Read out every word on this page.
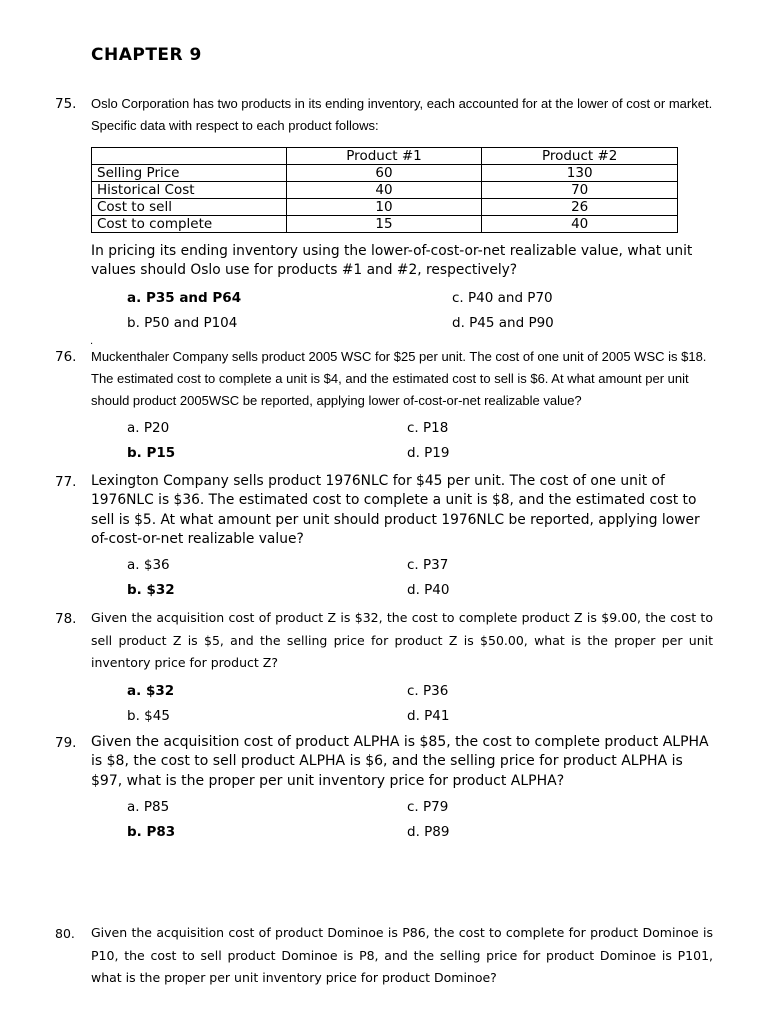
CHAPTER 9
75. Oslo Corporation has two products in its ending inventory, each accounted for at the lower of cost or market. Specific data with respect to each product follows:
	Product #1	Product #2
Selling Price	60	130
Historical Cost	40	70
Cost to sell	10	26
Cost to complete	15	40
In pricing its ending inventory using the lower-of-cost-or-net realizable value, what unit values should Oslo use for products #1 and #2, respectively?
a. P35 and P64	c. P40 and P70
b. P50 and P104	d. P45 and P90
.
76. Muckenthaler Company sells product 2005 WSC for $25 per unit. The cost of one unit of 2005 WSC is $18. The estimated cost to complete a unit is $4, and the estimated cost to sell is $6. At what amount per unit should product 2005WSC be reported, applying lower of-cost-or-net realizable value?
a. P20	c. P18
b. P15	d. P19
77. Lexington Company sells product 1976NLC for $45 per unit. The cost of one unit of 1976NLC is $36. The estimated cost to complete a unit is $8, and the estimated cost to sell is $5. At what amount per unit should product 1976NLC be reported, applying lower of-cost-or-net realizable value?
a. $36	c. P37
b. $32	d. P40
78. Given the acquisition cost of product Z is $32, the cost to complete product Z is $9.00, the cost to sell product Z is $5, and the selling price for product Z is $50.00, what is the proper per unit inventory price for product Z?
a. $32	c. P36
b. $45	d. P41
79. Given the acquisition cost of product ALPHA is $85, the cost to complete product ALPHA is $8, the cost to sell product ALPHA is $6, and the selling price for product ALPHA is $97, what is the proper per unit inventory price for product ALPHA?
a. P85	c. P79
b. P83	d. P89
80. Given the acquisition cost of product Dominoe is P86, the cost to complete for product Dominoe is P10, the cost to sell product Dominoe is P8, and the selling price for product Dominoe is P101, what is the proper per unit inventory price for product Dominoe?
